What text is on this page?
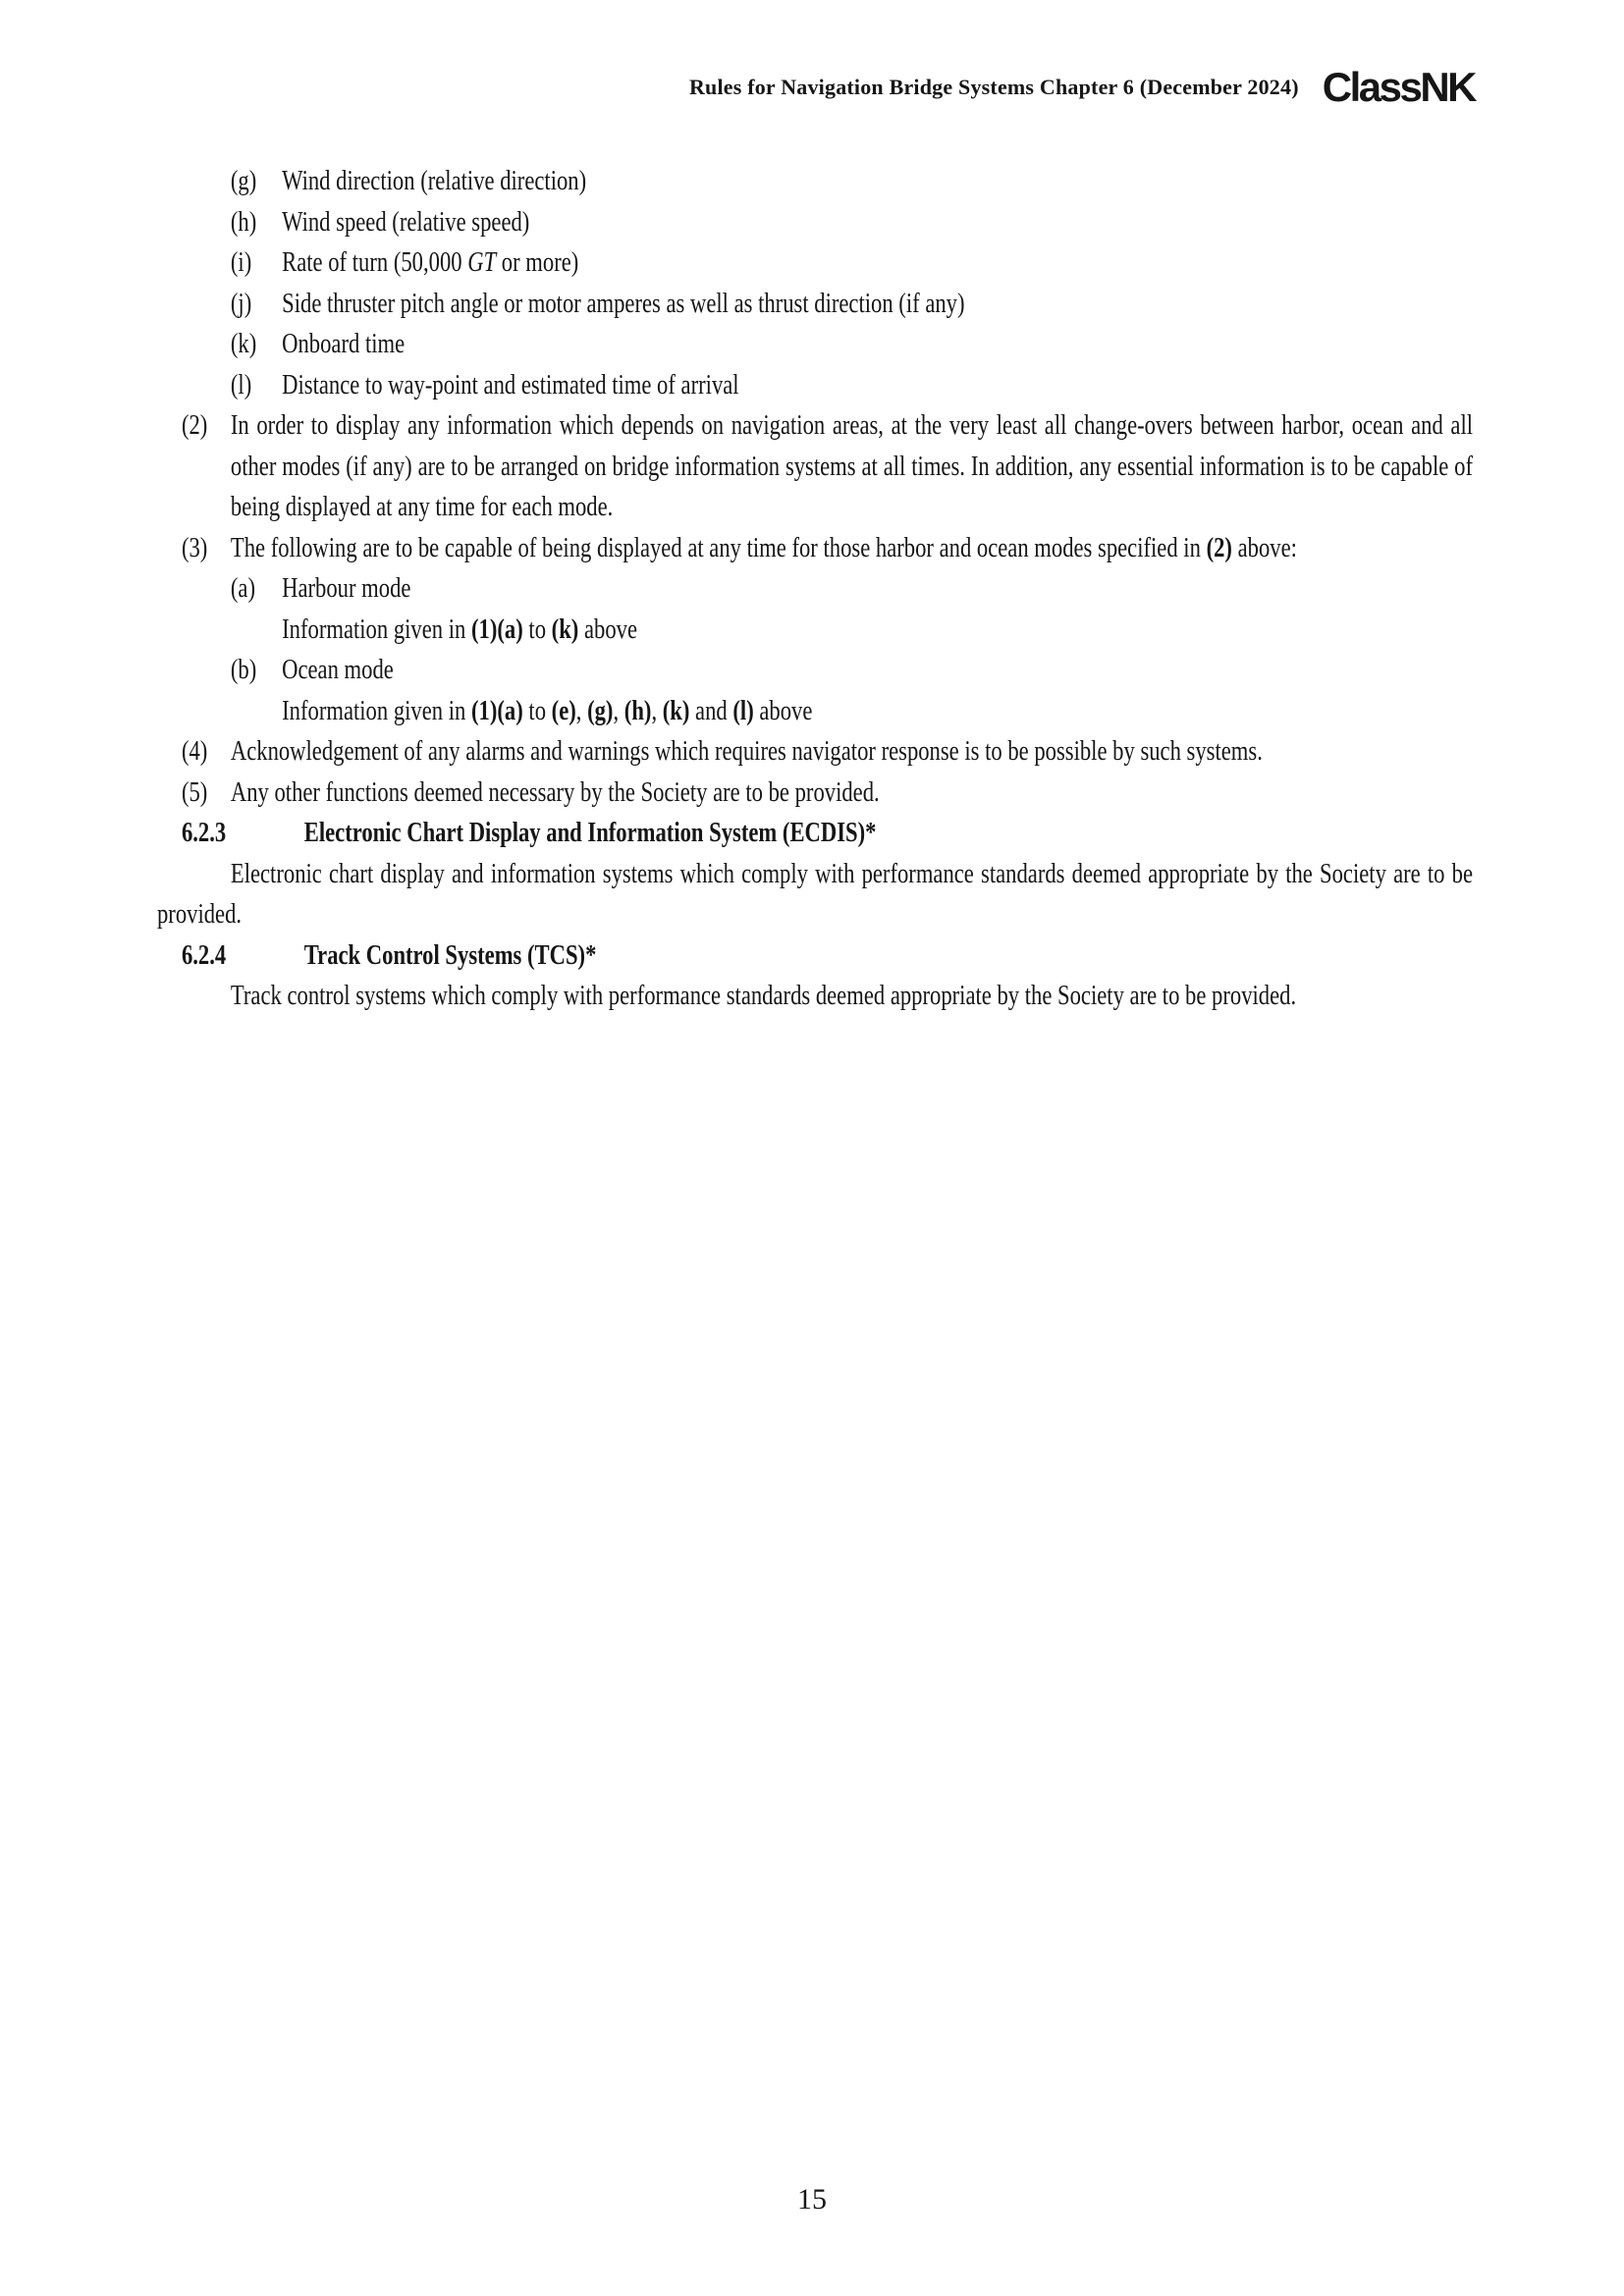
Rules for Navigation Bridge Systems Chapter 6 (December 2024) ClassNK
(g) Wind direction (relative direction)
(h) Wind speed (relative speed)
(i) Rate of turn (50,000 GT or more)
(j) Side thruster pitch angle or motor amperes as well as thrust direction (if any)
(k) Onboard time
(l) Distance to way-point and estimated time of arrival
(2) In order to display any information which depends on navigation areas, at the very least all change-overs between harbor, ocean and all other modes (if any) are to be arranged on bridge information systems at all times. In addition, any essential information is to be capable of being displayed at any time for each mode.
(3) The following are to be capable of being displayed at any time for those harbor and ocean modes specified in (2) above:
(a) Harbour mode
Information given in (1)(a) to (k) above
(b) Ocean mode
Information given in (1)(a) to (e), (g), (h), (k) and (l) above
(4) Acknowledgement of any alarms and warnings which requires navigator response is to be possible by such systems.
(5) Any other functions deemed necessary by the Society are to be provided.
6.2.3	Electronic Chart Display and Information System (ECDIS)*
Electronic chart display and information systems which comply with performance standards deemed appropriate by the Society are to be provided.
6.2.4	Track Control Systems (TCS)*
Track control systems which comply with performance standards deemed appropriate by the Society are to be provided.
15
